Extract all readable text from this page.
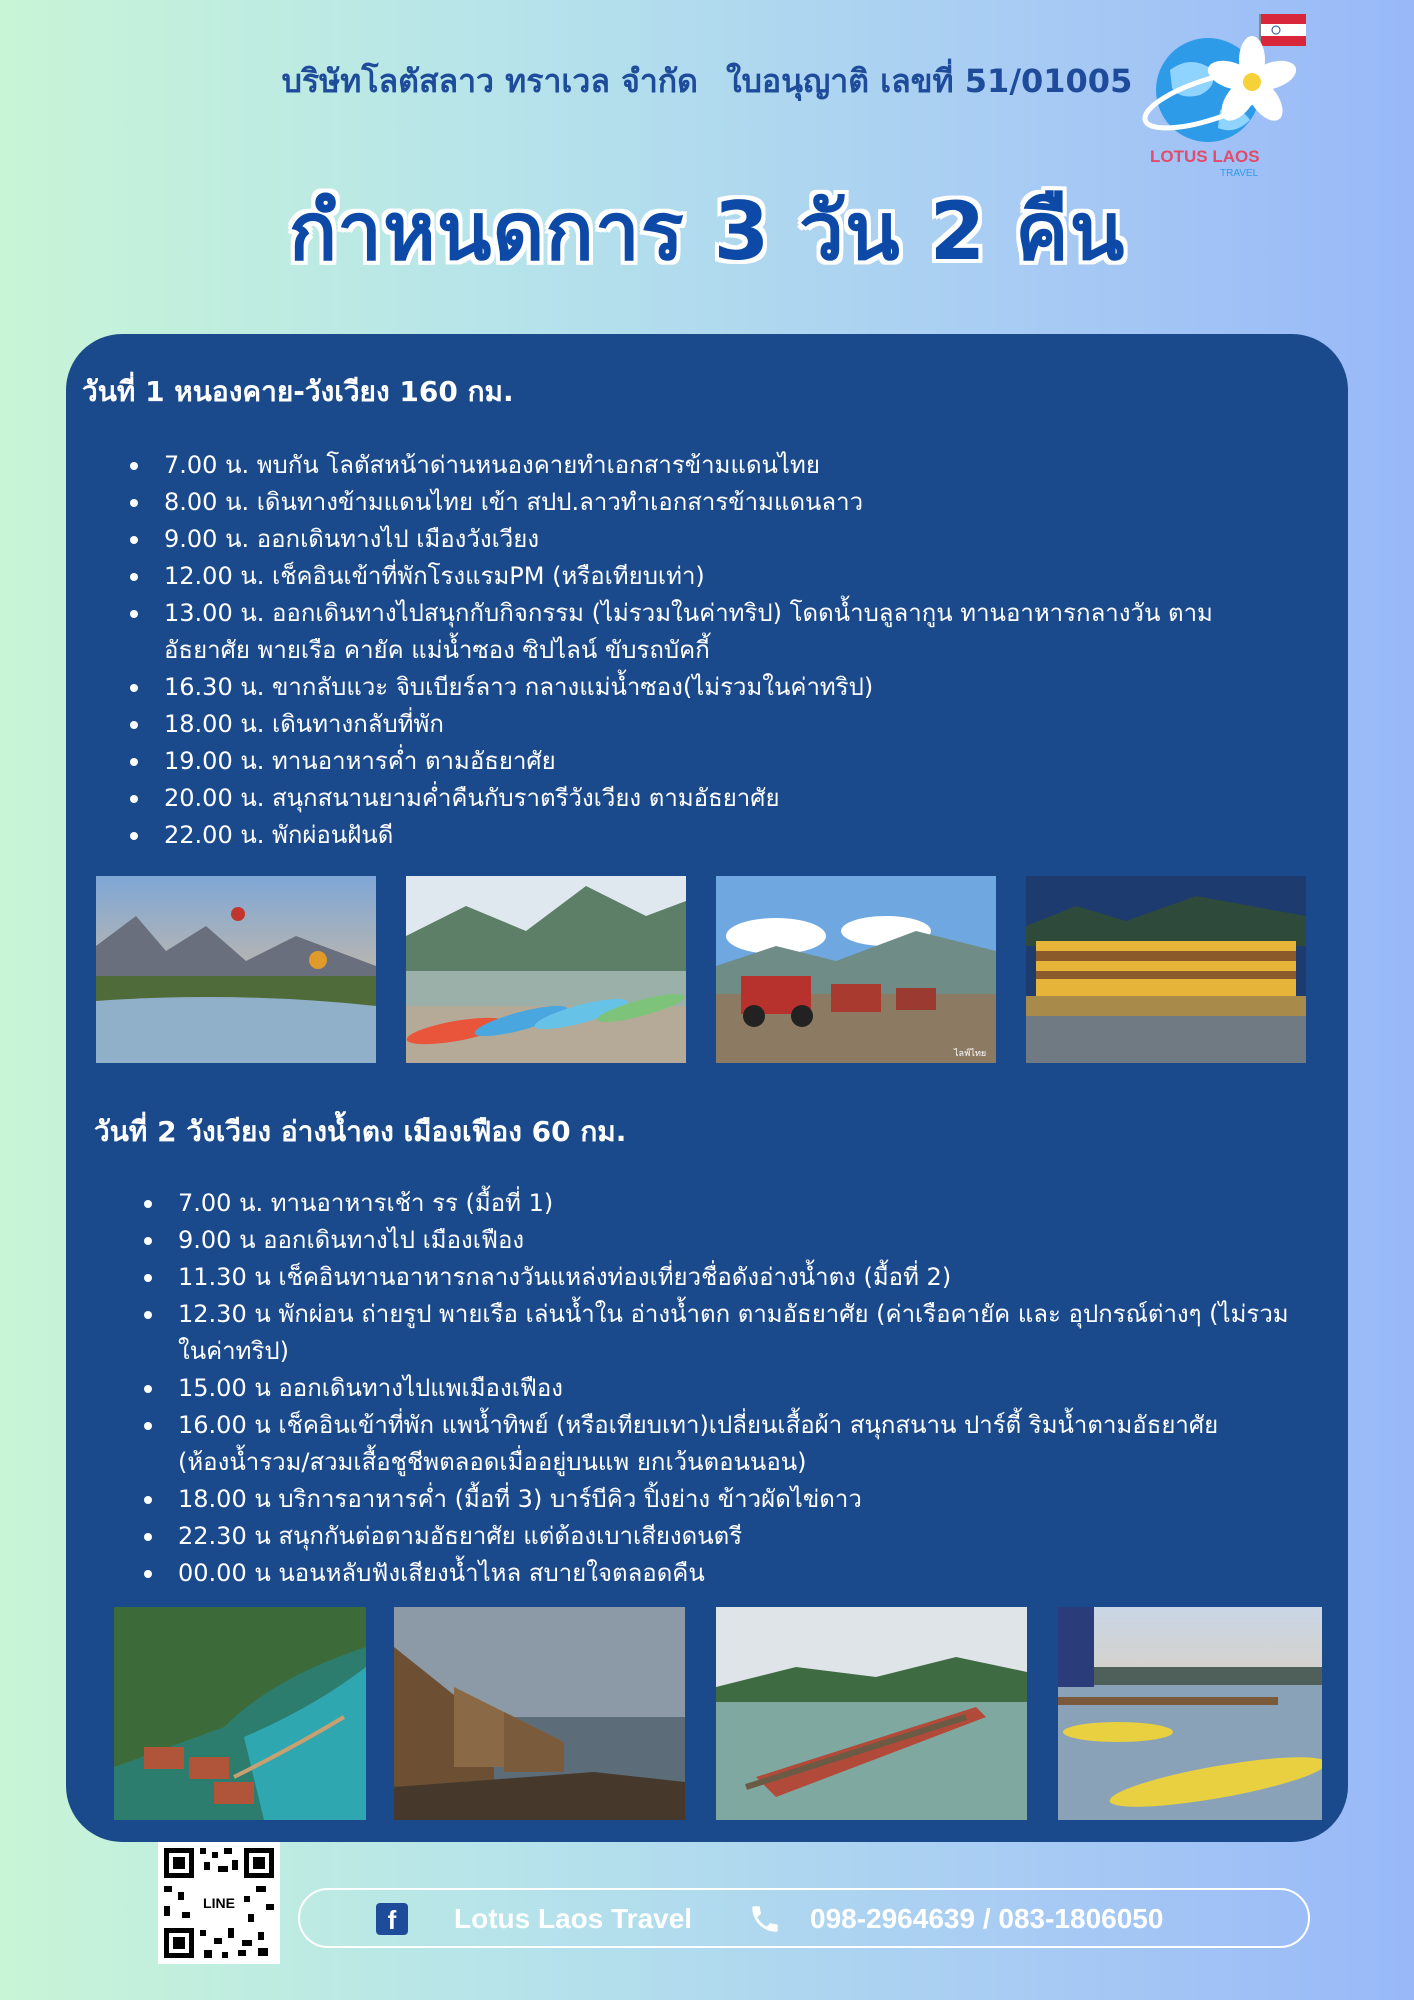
บริษัทโลตัสลาว ทราเวล จำกัด ใบอนุญาติ เลขที่ 51/01005
LOTUS LAOS
TRAVEL
กำหนดการ 3 วัน 2 คืน
วันที่ 1 หนองคาย-วังเวียง 160 กม.
7.00 น. พบกัน โลตัสหน้าด่านหนองคายทำเอกสารข้ามแดนไทย
8.00 น. เดินทางข้ามแดนไทย เข้า สปป.ลาวทำเอกสารข้ามแดนลาว
9.00 น. ออกเดินทางไป เมืองวังเวียง
12.00 น. เช็คอินเข้าที่พักโรงแรมPM (หรือเทียบเท่า)
13.00 น. ออกเดินทางไปสนุกกับกิจกรรม (ไม่รวมในค่าทริป) โดดน้ำบลูลากูน ทานอาหารกลางวัน ตามอัธยาศัย พายเรือ คายัค แม่น้ำซอง ซิปไลน์ ขับรถบัคกี้
16.30 น. ขากลับแวะ จิบเบียร์ลาว กลางแม่น้ำซอง(ไม่รวมในค่าทริป)
18.00 น. เดินทางกลับที่พัก
19.00 น. ทานอาหารค่ำ ตามอัธยาศัย
20.00 น. สนุกสนานยามค่ำคืนกับราตรีวังเวียง ตามอัธยาศัย
22.00 น. พักผ่อนฝันดี
ไลฟ์ไทย
วันที่ 2 วังเวียง อ่างน้ำตง เมืองเฟือง 60 กม.
7.00 น. ทานอาหารเช้า รร (มื้อที่ 1)
9.00 น ออกเดินทางไป เมืองเฟือง
11.30 น เช็คอินทานอาหารกลางวันแหล่งท่องเที่ยวชื่อดังอ่างน้ำตง (มื้อที่ 2)
12.30 น พักผ่อน ถ่ายรูป พายเรือ เล่นน้ำใน อ่างน้ำตก ตามอัธยาศัย (ค่าเรือคายัค และ อุปกรณ์ต่างๆ (ไม่รวมในค่าทริป)
15.00 น ออกเดินทางไปแพเมืองเฟือง
16.00 น เช็คอินเข้าที่พัก แพน้ำทิพย์ (หรือเทียบเทา)เปลี่ยนเสื้อผ้า สนุกสนาน ปาร์ตี้ ริมน้ำตามอัธยาศัย (ห้องน้ำรวม/สวมเสื้อชูชีพตลอดเมื่ออยู่บนแพ ยกเว้นตอนนอน)
18.00 น บริการอาหารค่ำ (มื้อที่ 3) บาร์บีคิว ปิ้งย่าง ข้าวผัดไข่ดาว
22.30 น สนุกกันต่อตามอัธยาศัย แต่ต้องเบาเสียงดนตรี
00.00 น นอนหลับฟังเสียงน้ำไหล สบายใจตลอดคืน
LINE
f	Lotus Laos Travel	098-2964639 / 083-1806050
